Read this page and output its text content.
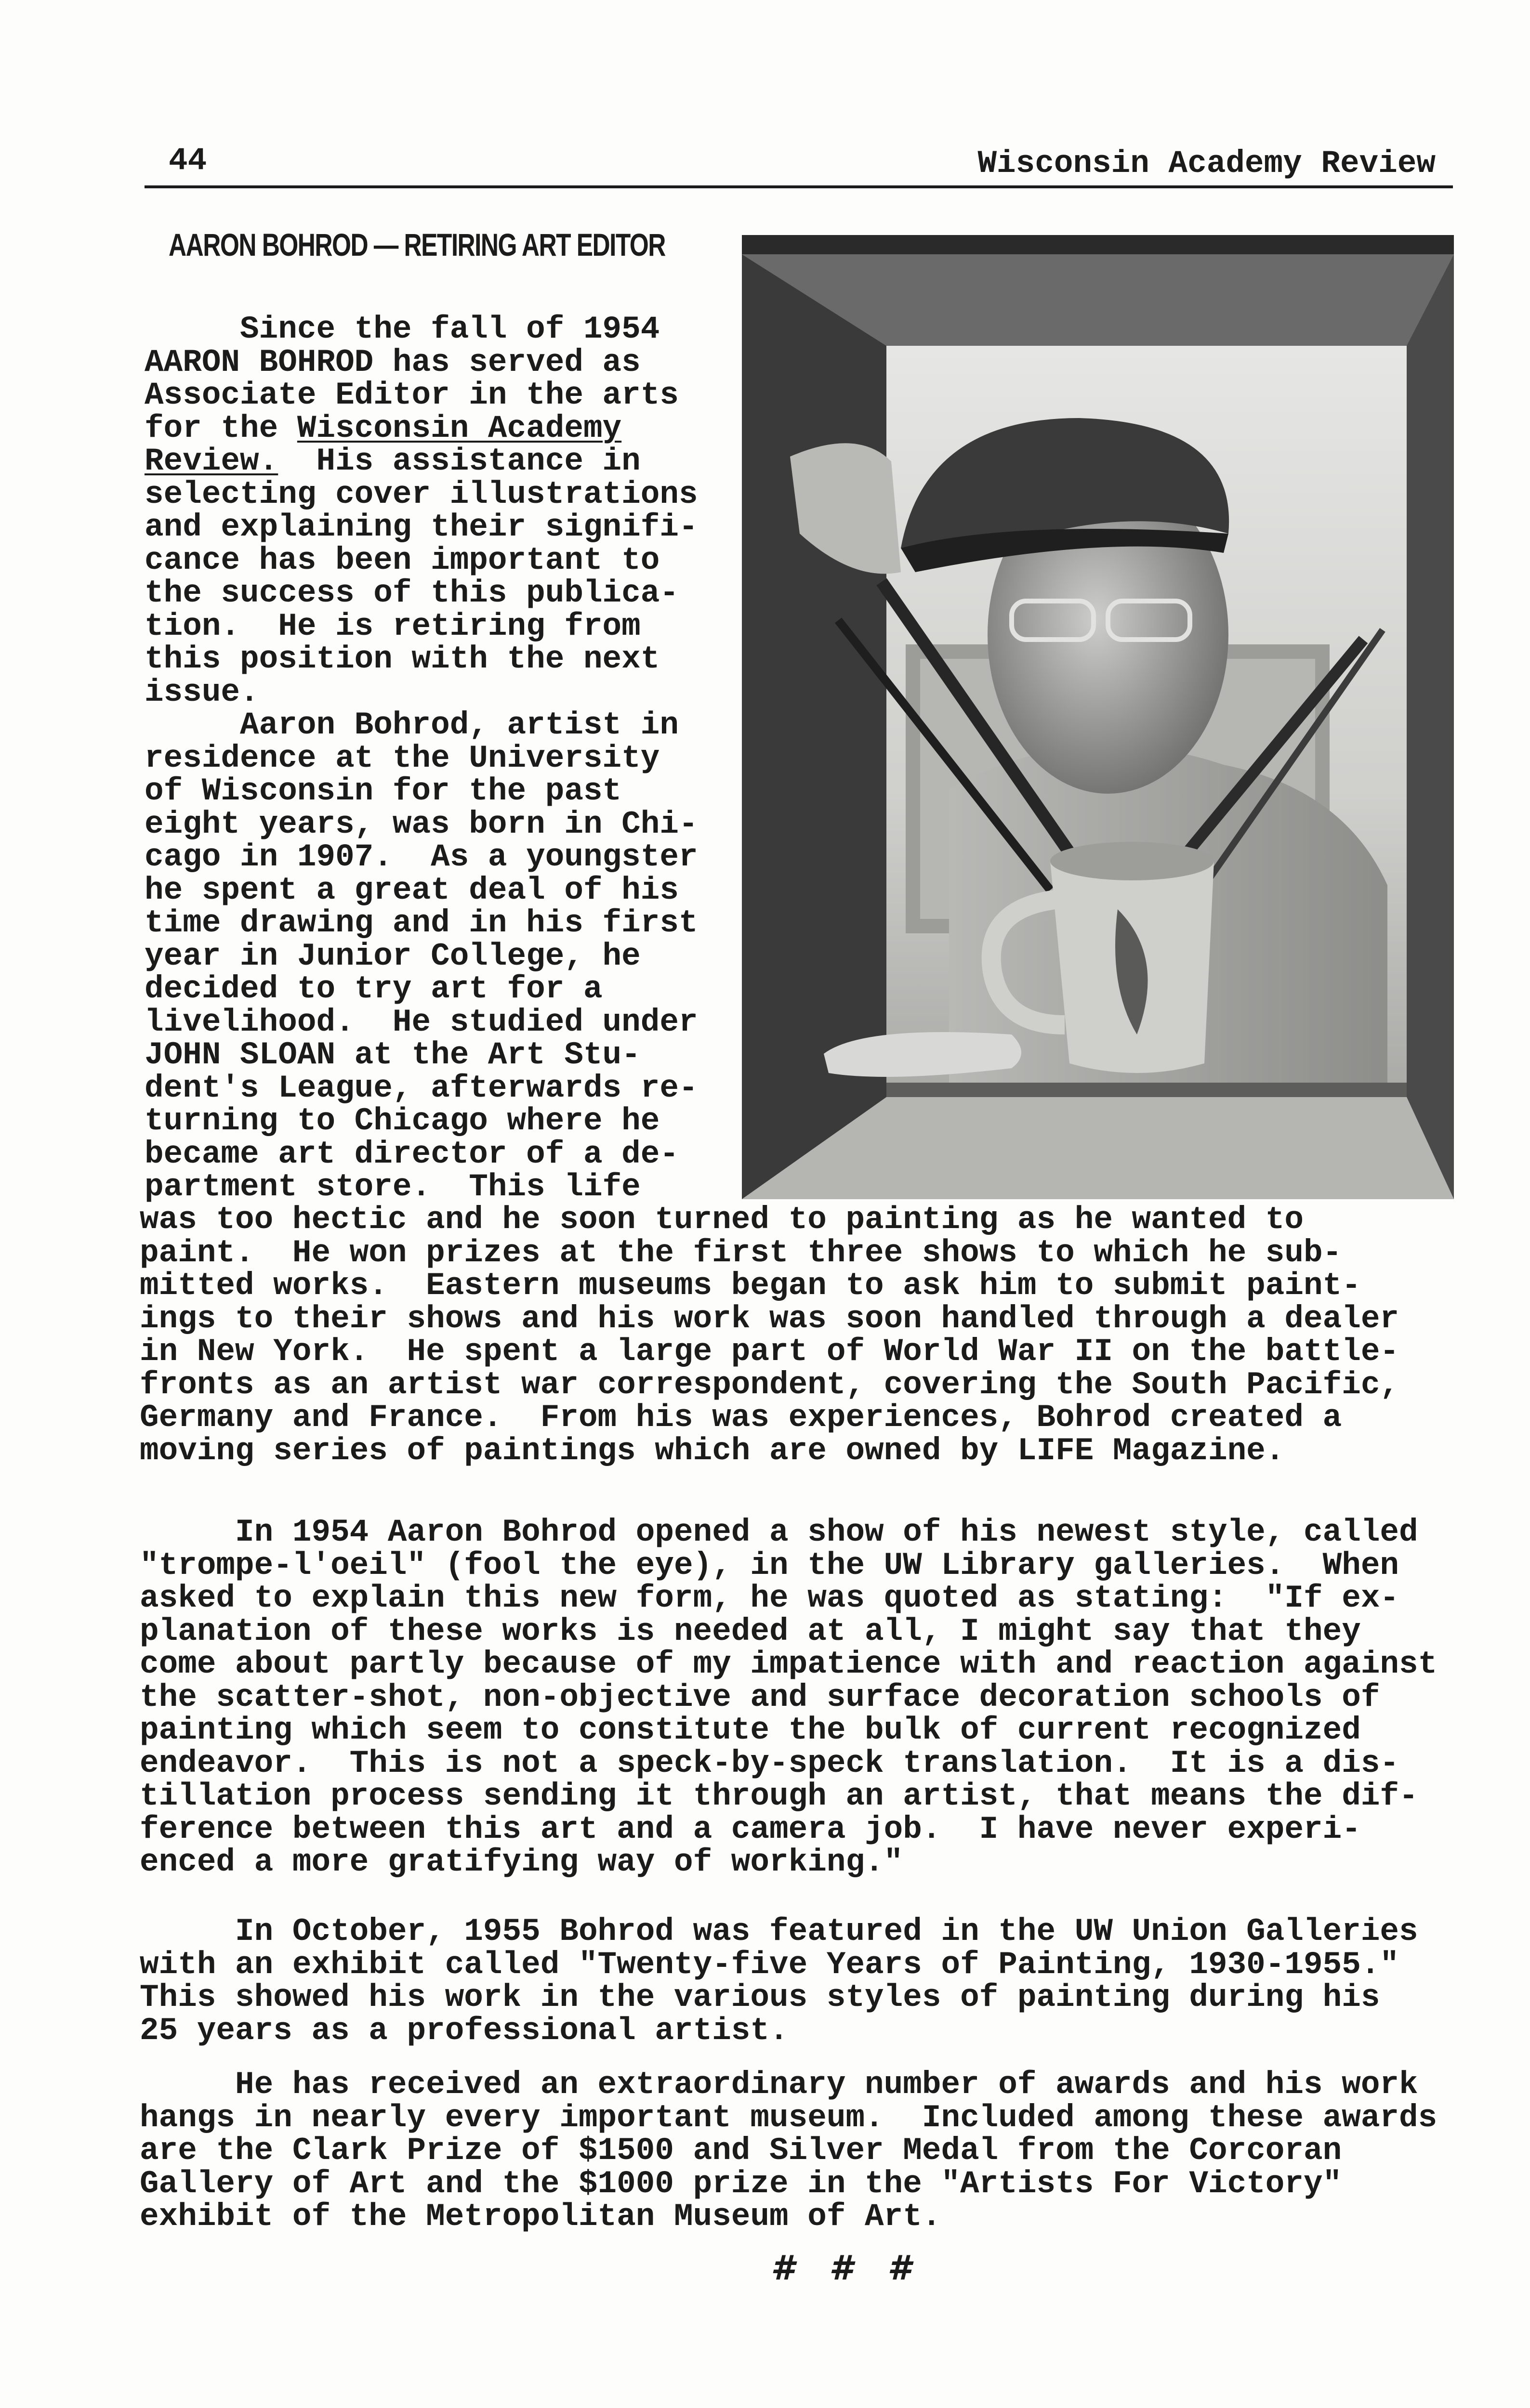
44	Wisconsin Academy Review
AARON BOHROD — RETIRING ART EDITOR
Since the fall of 1954
AARON BOHROD has served as
Associate Editor in the arts
for the Wisconsin Academy
Review.  His assistance in
selecting cover illustrations
and explaining their signifi-
cance has been important to
the success of this publica-
tion.  He is retiring from
this position with the next
issue.
Aaron Bohrod, artist in
residence at the University
of Wisconsin for the past
eight years, was born in Chi-
cago in 1907.  As a youngster
he spent a great deal of his
time drawing and in his first
year in Junior College, he
decided to try art for a
livelihood.  He studied under
JOHN SLOAN at the Art Stu-
dent's League, afterwards re-
turning to Chicago where he
became art director of a de-
partment store.  This life
was too hectic and he soon turned to painting as he wanted to
paint.  He won prizes at the first three shows to which he sub-
mitted works.  Eastern museums began to ask him to submit paint-
ings to their shows and his work was soon handled through a dealer
in New York.  He spent a large part of World War II on the battle-
fronts as an artist war correspondent, covering the South Pacific,
Germany and France.  From his was experiences, Bohrod created a
moving series of paintings which are owned by LIFE Magazine.
In 1954 Aaron Bohrod opened a show of his newest style, called
"trompe-l'oeil" (fool the eye), in the UW Library galleries.  When
asked to explain this new form, he was quoted as stating:  "If ex-
planation of these works is needed at all, I might say that they
come about partly because of my impatience with and reaction against
the scatter-shot, non-objective and surface decoration schools of
painting which seem to constitute the bulk of current recognized
endeavor.  This is not a speck-by-speck translation.  It is a dis-
tillation process sending it through an artist, that means the dif-
ference between this art and a camera job.  I have never experi-
enced a more gratifying way of working."
In October, 1955 Bohrod was featured in the UW Union Galleries
with an exhibit called "Twenty-five Years of Painting, 1930-1955."
This showed his work in the various styles of painting during his
25 years as a professional artist.
He has received an extraordinary number of awards and his work
hangs in nearly every important museum.  Included among these awards
are the Clark Prize of $1500 and Silver Medal from the Corcoran
Gallery of Art and the $1000 prize in the "Artists For Victory"
exhibit of the Metropolitan Museum of Art.
# # #
